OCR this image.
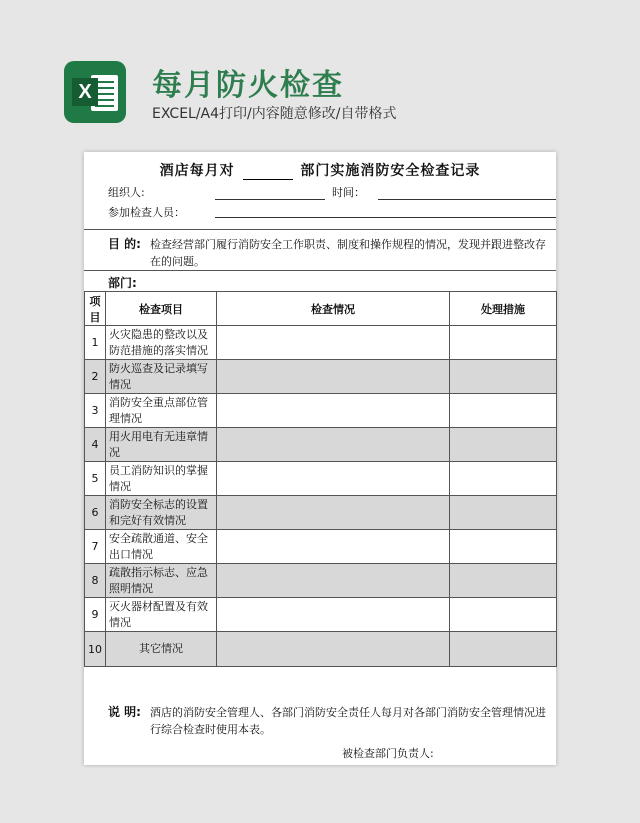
X 每月防火检查
EXCEL/A4打印/内容随意修改/自带格式
酒店每月对	部门实施消防安全检查记录
组织人:	时间：
参加检查人员：
目 的: 检查经营部门履行消防安全工作职责、制度和操作规程的情况，发现并跟进整改存在的问题。
部门:
项目	检查项目	检查情况	处理措施
1	火灾隐患的整改以及防范措施的落实情况		
2	防火巡查及记录填写情况		
3	消防安全重点部位管理情况		
4	用火用电有无违章情况		
5	员工消防知识的掌握情况		
6	消防安全标志的设置和完好有效情况		
7	安全疏散通道、安全出口情况		
8	疏散指示标志、应急照明情况		
9	灭火器材配置及有效情况		
10	其它情况		
说 明: 酒店的消防安全管理人、各部门消防安全责任人每月对各部门消防安全管理情况进行综合检查时使用本表。
被检查部门负责人:
